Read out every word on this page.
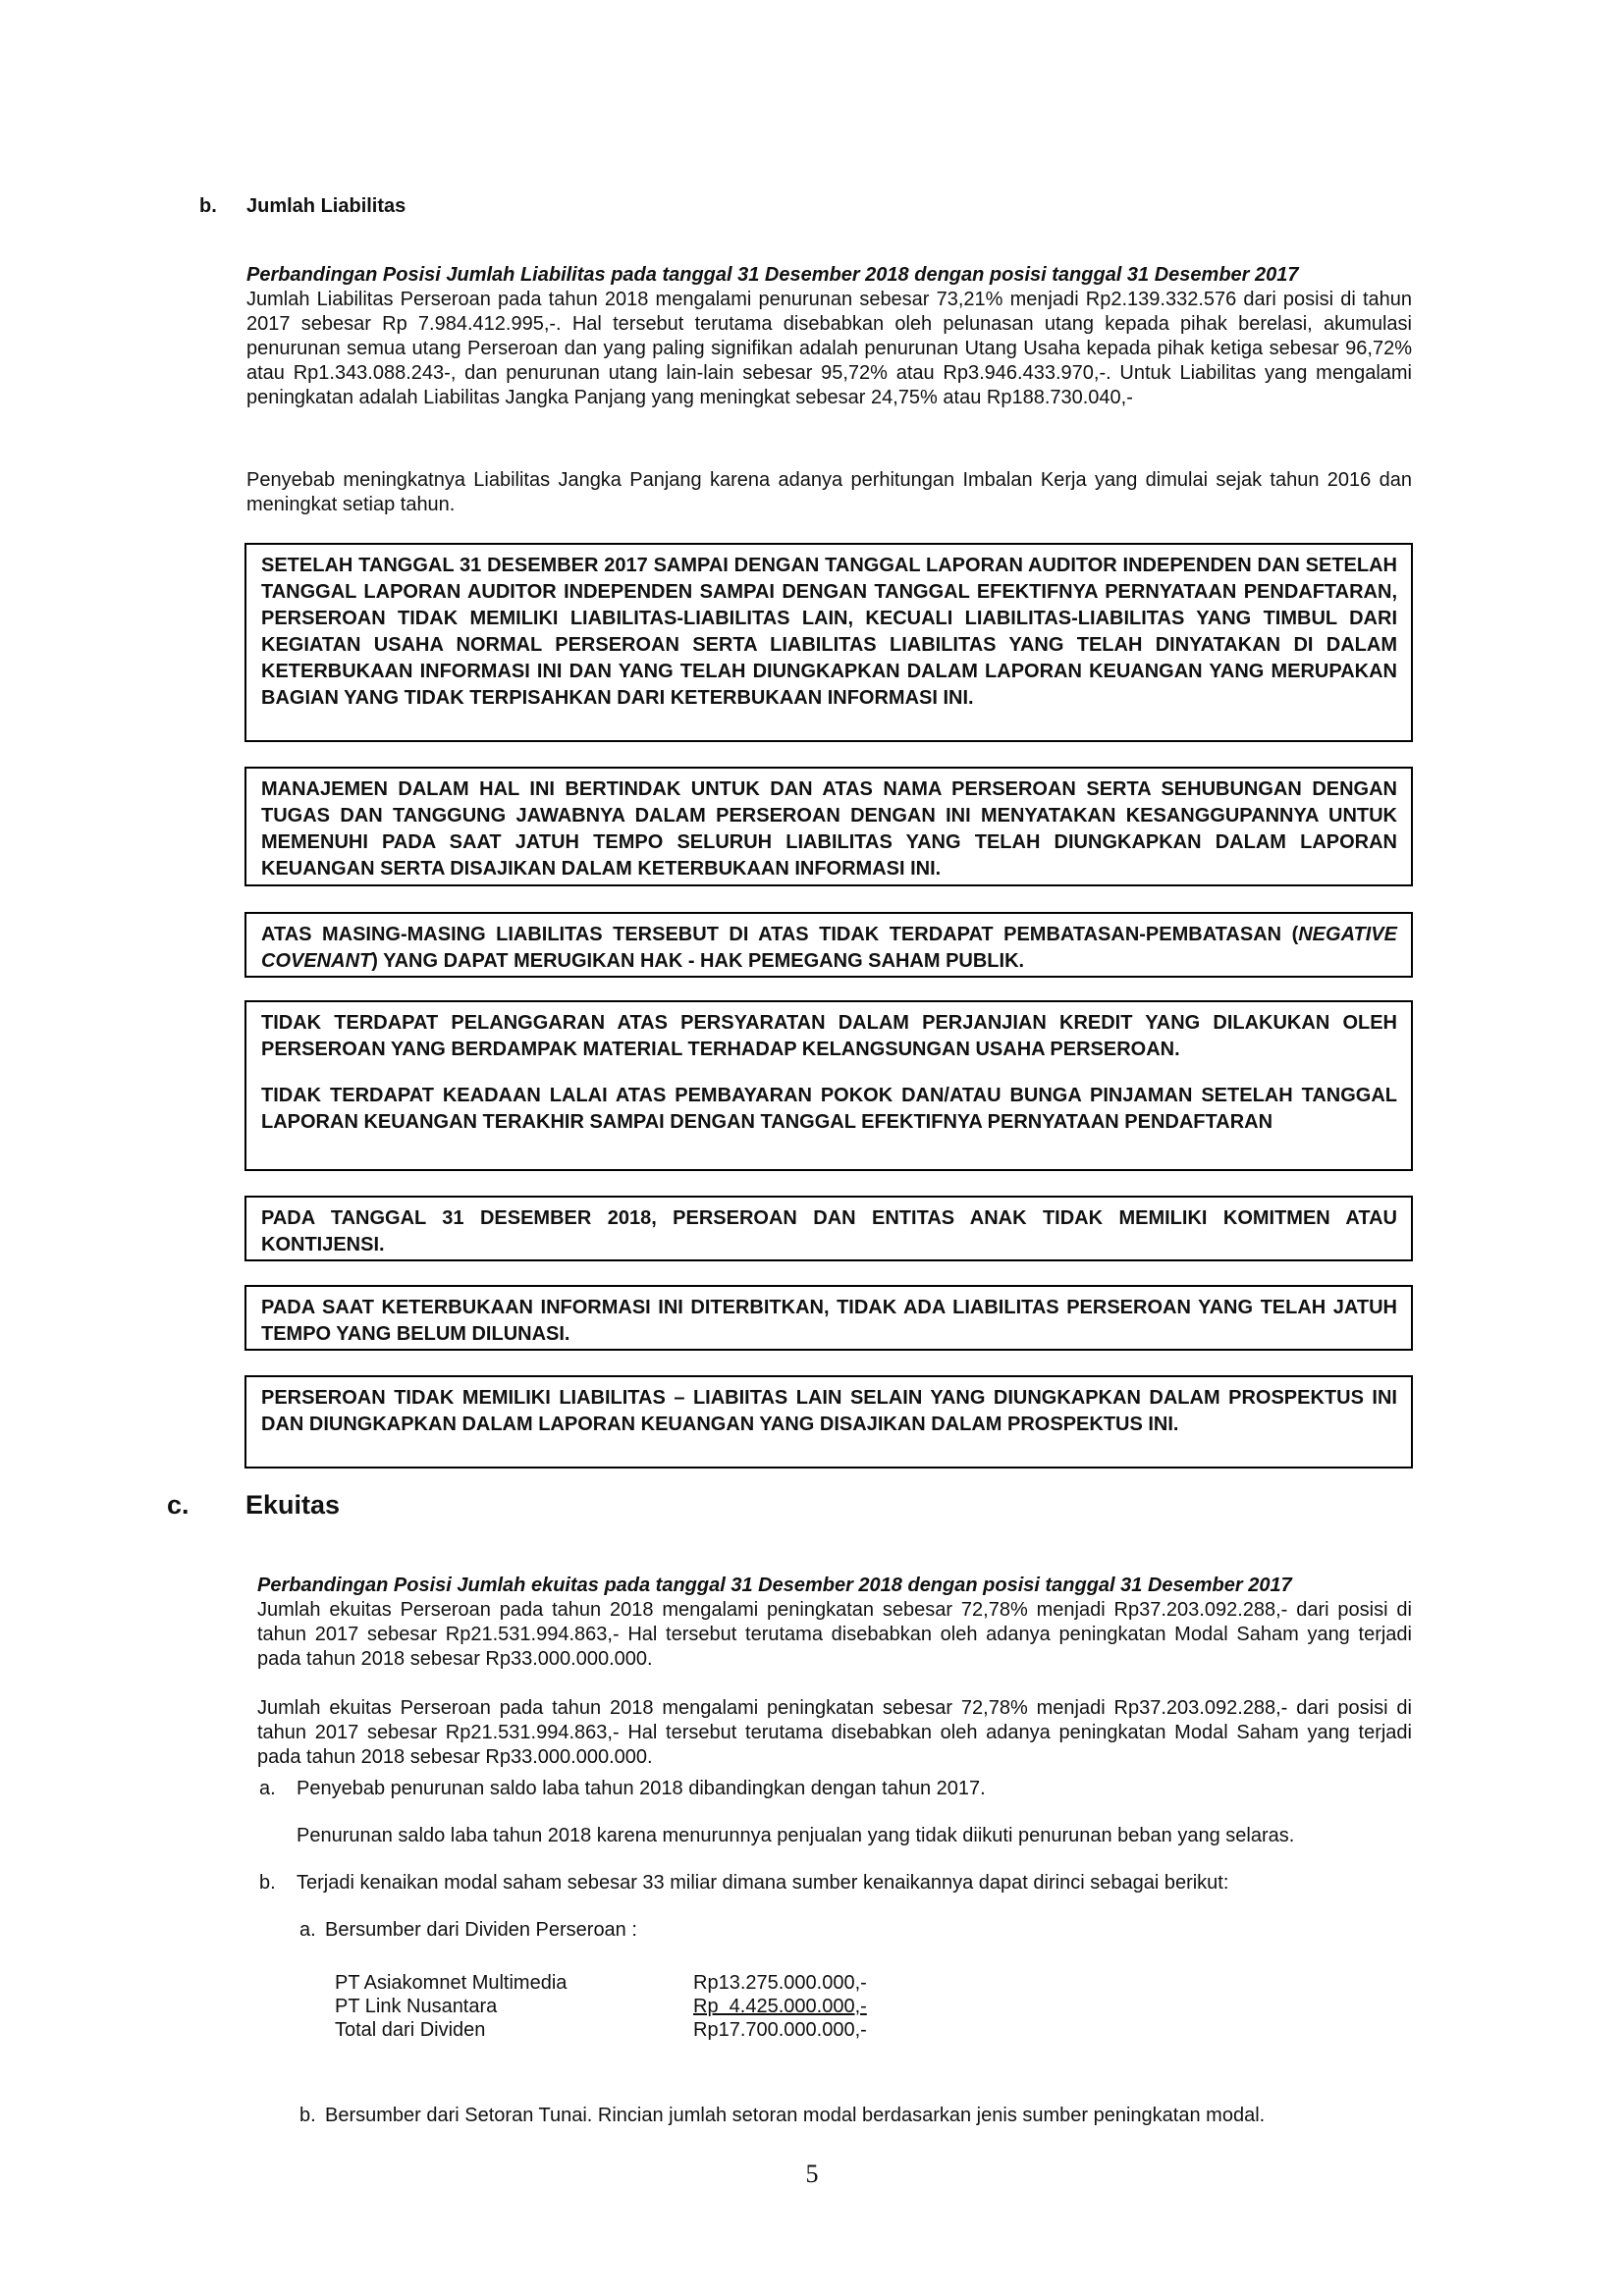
b. Jumlah Liabilitas
Perbandingan Posisi Jumlah Liabilitas pada tanggal 31 Desember 2018 dengan posisi tanggal 31 Desember 2017
Jumlah Liabilitas Perseroan pada tahun 2018 mengalami penurunan sebesar 73,21% menjadi Rp2.139.332.576 dari posisi di tahun 2017 sebesar Rp 7.984.412.995,-. Hal tersebut terutama disebabkan oleh pelunasan utang kepada pihak berelasi, akumulasi penurunan semua utang Perseroan dan yang paling signifikan adalah penurunan Utang Usaha kepada pihak ketiga sebesar 96,72% atau Rp1.343.088.243-, dan penurunan utang lain-lain sebesar 95,72% atau Rp3.946.433.970,-. Untuk Liabilitas yang mengalami peningkatan adalah Liabilitas Jangka Panjang yang meningkat sebesar 24,75% atau Rp188.730.040,-
Penyebab meningkatnya Liabilitas Jangka Panjang karena adanya perhitungan Imbalan Kerja yang dimulai sejak tahun 2016 dan meningkat setiap tahun.

SETELAH TANGGAL 31 DESEMBER 2017 SAMPAI DENGAN TANGGAL LAPORAN AUDITOR INDEPENDEN DAN SETELAH TANGGAL LAPORAN AUDITOR INDEPENDEN SAMPAI DENGAN TANGGAL EFEKTIFNYA PERNYATAAN PENDAFTARAN, PERSEROAN TIDAK MEMILIKI LIABILITAS-LIABILITAS LAIN, KECUALI LIABILITAS-LIABILITAS YANG TIMBUL DARI KEGIATAN USAHA NORMAL PERSEROAN SERTA LIABILITAS LIABILITAS YANG TELAH DINYATAKAN DI DALAM KETERBUKAAN INFORMASI INI DAN YANG TELAH DIUNGKAPKAN DALAM LAPORAN KEUANGAN YANG MERUPAKAN BAGIAN YANG TIDAK TERPISAHKAN DARI KETERBUKAAN INFORMASI INI.

MANAJEMEN DALAM HAL INI BERTINDAK UNTUK DAN ATAS NAMA PERSEROAN SERTA SEHUBUNGAN DENGAN TUGAS DAN TANGGUNG JAWABNYA DALAM PERSEROAN DENGAN INI MENYATAKAN KESANGGUPANNYA UNTUK MEMENUHI PADA SAAT JATUH TEMPO SELURUH LIABILITAS YANG TELAH DIUNGKAPKAN DALAM LAPORAN KEUANGAN SERTA DISAJIKAN DALAM KETERBUKAAN INFORMASI INI.

ATAS MASING-MASING LIABILITAS TERSEBUT DI ATAS TIDAK TERDAPAT PEMBATASAN-PEMBATASAN (NEGATIVE COVENANT) YANG DAPAT MERUGIKAN HAK - HAK PEMEGANG SAHAM PUBLIK.

TIDAK TERDAPAT PELANGGARAN ATAS PERSYARATAN DALAM PERJANJIAN KREDIT YANG DILAKUKAN OLEH PERSEROAN YANG BERDAMPAK MATERIAL TERHADAP KELANGSUNGAN USAHA PERSEROAN.

TIDAK TERDAPAT KEADAAN LALAI ATAS PEMBAYARAN POKOK DAN/ATAU BUNGA PINJAMAN SETELAH TANGGAL LAPORAN KEUANGAN TERAKHIR SAMPAI DENGAN TANGGAL EFEKTIFNYA PERNYATAAN PENDAFTARAN

PADA TANGGAL 31 DESEMBER 2018, PERSEROAN DAN ENTITAS ANAK TIDAK MEMILIKI KOMITMEN ATAU KONTIJENSI.

PADA SAAT KETERBUKAAN INFORMASI INI DITERBITKAN, TIDAK ADA LIABILITAS PERSEROAN YANG TELAH JATUH TEMPO YANG BELUM DILUNASI.

PERSEROAN TIDAK MEMILIKI LIABILITAS – LIABIITAS LAIN SELAIN YANG DIUNGKAPKAN DALAM PROSPEKTUS INI DAN DIUNGKAPKAN DALAM LAPORAN KEUANGAN YANG DISAJIKAN DALAM PROSPEKTUS INI.

c. Ekuitas
Perbandingan Posisi Jumlah ekuitas pada tanggal 31 Desember 2018 dengan posisi tanggal 31 Desember 2017
Jumlah ekuitas Perseroan pada tahun 2018 mengalami peningkatan sebesar 72,78% menjadi Rp37.203.092.288,- dari posisi di tahun 2017 sebesar Rp21.531.994.863,- Hal tersebut terutama disebabkan oleh adanya peningkatan Modal Saham yang terjadi pada tahun 2018 sebesar Rp33.000.000.000.
Jumlah ekuitas Perseroan pada tahun 2018 mengalami peningkatan sebesar 72,78% menjadi Rp37.203.092.288,- dari posisi di tahun 2017 sebesar Rp21.531.994.863,- Hal tersebut terutama disebabkan oleh adanya peningkatan Modal Saham yang terjadi pada tahun 2018 sebesar Rp33.000.000.000.
a. Penyebab penurunan saldo laba tahun 2018 dibandingkan dengan tahun 2017.
Penurunan saldo laba tahun 2018 karena menurunnya penjualan yang tidak diikuti penurunan beban yang selaras.
b. Terjadi kenaikan modal saham sebesar 33 miliar dimana sumber kenaikannya dapat dirinci sebagai berikut:
a. Bersumber dari Dividen Perseroan :
PT Asiakomnet Multimedia	Rp13.275.000.000,-
PT Link Nusantara	Rp  4.425.000.000,-
Total dari Dividen	Rp17.700.000.000,-
b. Bersumber dari Setoran Tunai. Rincian jumlah setoran modal berdasarkan jenis sumber peningkatan modal.
5
